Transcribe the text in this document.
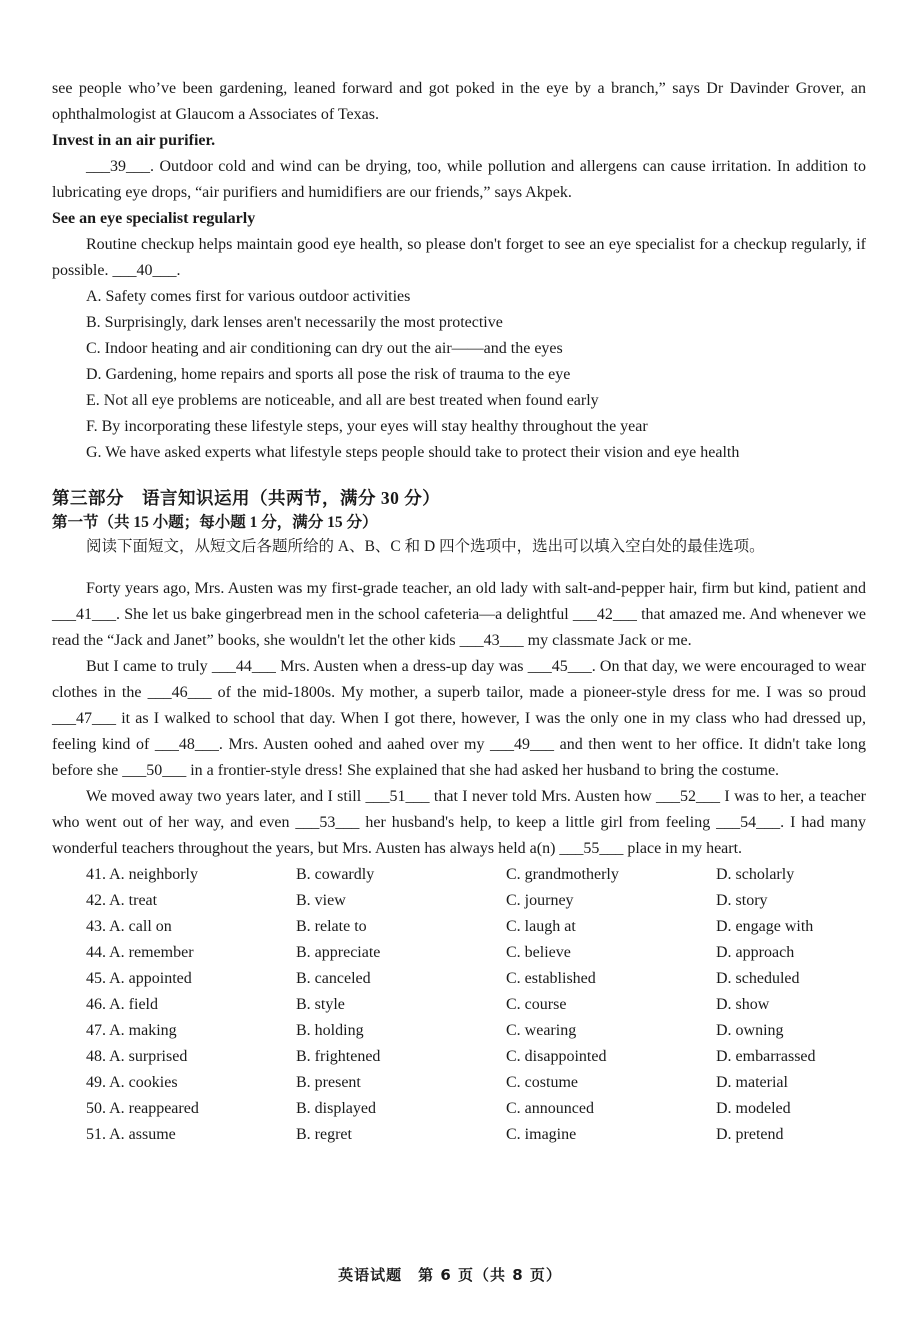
see people who’ve been gardening, leaned forward and got poked in the eye by a branch,” says Dr Davinder Grover, an ophthalmologist at Glaucom a Associates of Texas.

Invest in an air purifier.

___39___. Outdoor cold and wind can be drying, too, while pollution and allergens can cause irritation. In addition to lubricating eye drops, “air purifiers and humidifiers are our friends,” says Akpek.

See an eye specialist regularly

Routine checkup helps maintain good eye health, so please don't forget to see an eye specialist for a checkup regularly, if possible. ___40___.

A. Safety comes first for various outdoor activities

B. Surprisingly, dark lenses aren't necessarily the most protective

C. Indoor heating and air conditioning can dry out the air——and the eyes

D. Gardening, home repairs and sports all pose the risk of trauma to the eye

E. Not all eye problems are noticeable, and all are best treated when found early

F. By incorporating these lifestyle steps, your eyes will stay healthy throughout the year

G. We have asked experts what lifestyle steps people should take to protect their vision and eye health

第三部分　语言知识运用（共两节，满分 30 分）
第一节（共 15 小题；每小题 1 分，满分 15 分）

阅读下面短文，从短文后各题所给的 A、B、C 和 D 四个选项中，选出可以填入空白处的最佳选项。

Forty years ago, Mrs. Austen was my first-grade teacher, an old lady with salt-and-pepper hair, firm but kind, patient and ___41___. She let us bake gingerbread men in the school cafeteria—a delightful ___42___ that amazed me. And whenever we read the “Jack and Janet” books, she wouldn't let the other kids ___43___ my classmate Jack or me.

But I came to truly ___44___ Mrs. Austen when a dress-up day was ___45___. On that day, we were encouraged to wear clothes in the ___46___ of the mid-1800s. My mother, a superb tailor, made a pioneer-style dress for me. I was so proud ___47___ it as I walked to school that day. When I got there, however, I was the only one in my class who had dressed up, feeling kind of ___48___. Mrs. Austen oohed and aahed over my ___49___ and then went to her office. It didn't take long before she ___50___ in a frontier-style dress! She explained that she had asked her husband to bring the costume.

We moved away two years later, and I still ___51___ that I never told Mrs. Austen how ___52___ I was to her, a teacher who went out of her way, and even ___53___ her husband's help, to keep a little girl from feeling ___54___. I had many wonderful teachers throughout the years, but Mrs. Austen has always held a(n) ___55___ place in my heart.

41. A. neighborly	B. cowardly	C. grandmotherly	D. scholarly
42. A. treat	B. view	C. journey	D. story
43. A. call on	B. relate to	C. laugh at	D. engage with
44. A. remember	B. appreciate	C. believe	D. approach
45. A. appointed	B. canceled	C. established	D. scheduled
46. A. field	B. style	C. course	D. show
47. A. making	B. holding	C. wearing	D. owning
48. A. surprised	B. frightened	C. disappointed	D. embarrassed
49. A. cookies	B. present	C. costume	D. material
50. A. reappeared	B. displayed	C. announced	D. modeled
51. A. assume	B. regret	C. imagine	D. pretend
英语试题　第 6 页（共 8 页）
